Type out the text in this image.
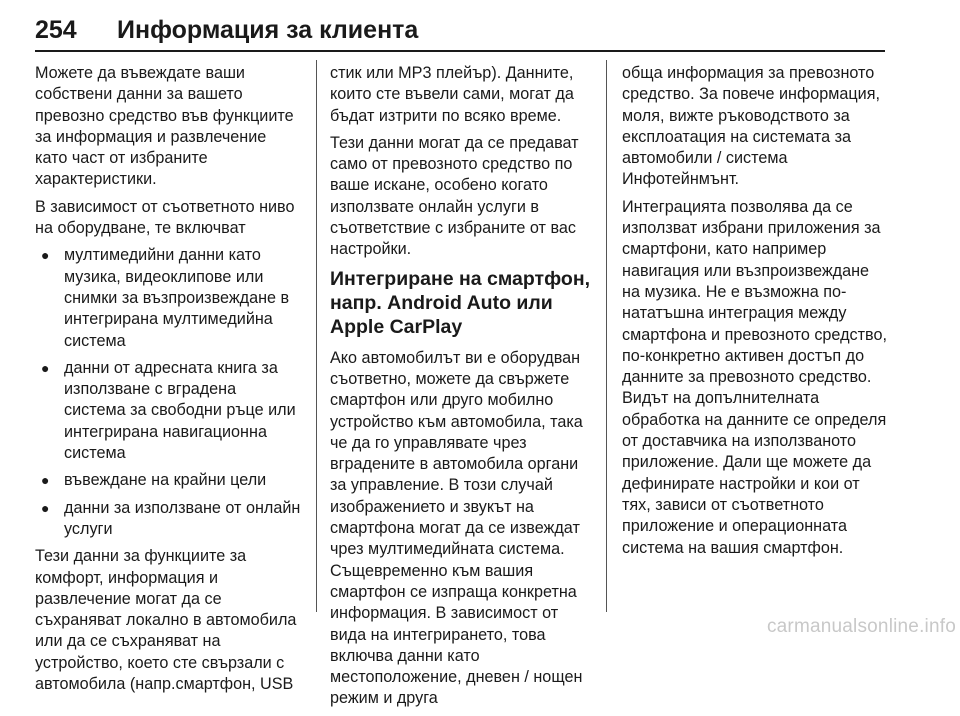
254	Информация за клиента

Можете да въвеждате ваши собствени данни за вашето превозно средство във функциите за информация и развлечение като част от избраните характеристики.

В зависимост от съответното ниво на оборудване, те включват

● мултимедийни данни като музика, видеоклипове или снимки за възпроизвеждане в интегрирана мултимедийна система
● данни от адресната книга за използване с вградена система за свободни ръце или интегрирана навигационна система
● въвеждане на крайни цели
● данни за използване от онлайн услуги

Тези данни за функциите за комфорт, информация и развлечение могат да се съхраняват локално в автомобила или да се съхраняват на устройство, което сте свързали с автомобила (напр.смартфон, USB

стик или MP3 плейър). Данните, които сте въвели сами, могат да бъдат изтрити по всяко време.

Тези данни могат да се предават само от превозното средство по ваше искане, особено когато използвате онлайн услуги в съответствие с избраните от вас настройки.

Интегриране на смартфон, напр. Android Auto или Apple CarPlay

Ако автомобилът ви е оборудван съответно, можете да свържете смартфон или друго мобилно устройство към автомобила, така че да го управлявате чрез вградените в автомобила органи за управление. В този случай изображението и звукът на смартфона могат да се извеждат чрез мултимедийната система. Същевременно към вашия смартфон се изпраща конкретна информация. В зависимост от вида на интегрирането, това включва данни като местоположение, дневен / нощен режим и друга

обща информация за превозното средство. За повече информация, моля, вижте ръководството за експлоатация на системата за автомобили / система Инфотейнмънт.

Интеграцията позволява да се използват избрани приложения за смартфони, като например навигация или възпроизвеждане на музика. Не е възможна по-нататъшна интеграция между смартфона и превозното средство, по-конкретно активен достъп до данните за превозното средство. Видът на допълнителната обработка на данните се определя от доставчика на използваното приложение. Дали ще можете да дефинирате настройки и кои от тях, зависи от съответното приложение и операционната система на вашия смартфон.

carmanualsonline.info
